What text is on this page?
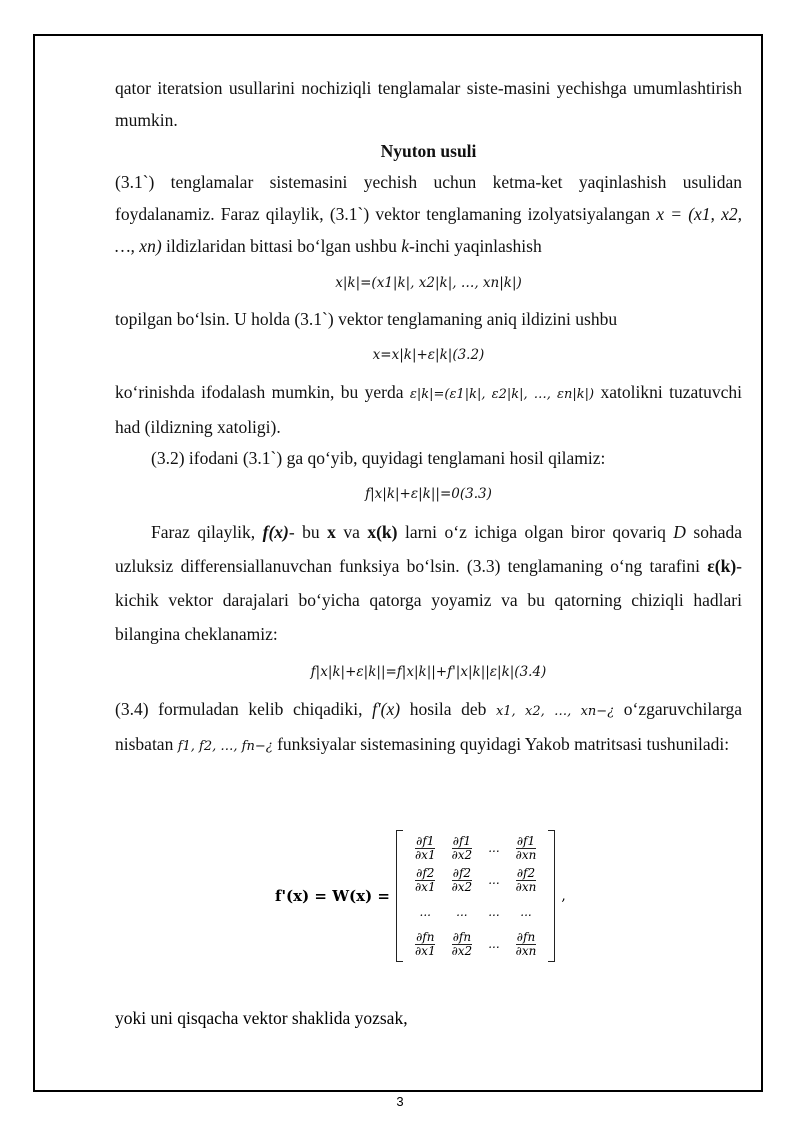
qator iteratsion usullarini nochiziqli tenglamalar siste-masini yechishga umumlashtirish mumkin.

Nyuton usuli

(3.1`) tenglamalar sistemasini yechish uchun ketma-ket yaqinlashish usulidan foydalanamiz. Faraz qilaylik, (3.1`) vektor tenglamaning izolyatsiyalangan x = (x1, x2, …, xn) ildizlaridan bittasi bo‘lgan ushbu k-inchi yaqinlashish

x|k|=(x1|k|, x2|k|, …, xn|k|)

topilgan bo‘lsin. U holda (3.1`) vektor tenglamaning aniq ildizini ushbu

x=x|k|+ε|k|(3.2)

ko‘rinishda ifodalash mumkin, bu yerda ε|k|=(ε1|k|, ε2|k|, …, εn|k|) xatolikni tuzatuvchi had (ildizning xatoligi).

(3.2) ifodani (3.1`) ga qo‘yib, quyidagi tenglamani hosil qilamiz:

f|x|k|+ε|k||=0(3.3)

Faraz qilaylik, f(x)- bu x va x(k) larni o‘z ichiga olgan biror qovariq D sohada uzluksiz differensiallanuvchan funksiya bo‘lsin. (3.3) tenglamaning o‘ng tarafini ε(k)-kichik vektor darajalari bo‘yicha qatorga yoyamiz va bu qatorning chiziqli hadlari bilangina cheklanamiz:

f|x|k|+ε|k||=f|x|k||+f'|x|k||ε|k|(3.4)

(3.4) formuladan kelib chiqadiki, f'(x) hosila deb x1, x2, …, xn−¿ o‘zgaruvchilarga nisbatan f1, f2, …, fn−¿ funksiyalar sistemasining quyidagi Yakob matritsasi tushuniladi:

f'(x) = W(x) =
$\frac{\partial f1}{\partial x1}$	$\frac{\partial f1}{\partial x2}$	...	$\frac{\partial f1}{\partial xn}$

$\frac{\partial f2}{\partial x1}$	$\frac{\partial f2}{\partial x2}$	...	$\frac{\partial f2}{\partial xn}$

...	...	...	...

$\frac{\partial fn}{\partial x1}$	$\frac{\partial fn}{\partial x2}$	...	$\frac{\partial fn}{\partial xn}$
,
yoki uni qisqacha vektor shaklida yozsak,
3
